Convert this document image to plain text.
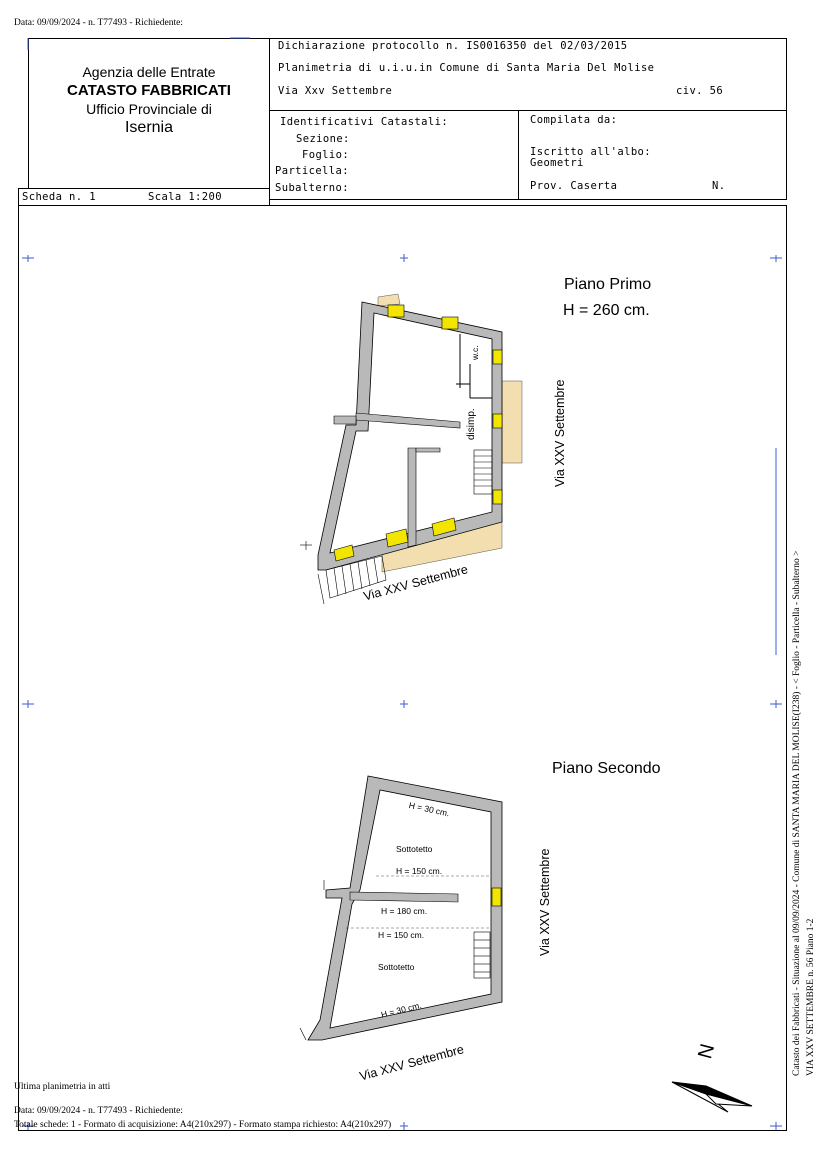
Data: 09/09/2024 - n. T77493 - Richiedente:
Agenzia delle Entrate
CATASTO FABBRICATI
Ufficio Provinciale di
Isernia
Dichiarazione protocollo n. IS0016350 del 02/03/2015
Planimetria di u.i.u.in Comune di Santa Maria Del Molise
Via Xxv Settembre	civ. 56
Identificativi Catastali:
Sezione:
Foglio:
Particella:
Subalterno:
Compilata da:
Iscritto all'albo:
Geometri
Prov. Caserta	N.
Scheda n. 1	Scala 1:200
Piano Primo
H = 260 cm.
Via XXV Settembre
Via XXV Settembre
w.c.
disimp.
Piano Secondo
H = 30 cm.
Sottotetto
H = 150 cm.
H = 180 cm.
H = 150 cm.
Sottotetto
H = 30 cm.
Via XXV Settembre
Via XXV Settembre	N	Catasto dei Fabbricati - Situazione al 09/09/2024 - Comune di SANTA MARIA DEL MOLISE(I238) - < Foglio - Particella - Subalterno > VIA XXV SETTEMBRE n. 56 Piano 1-2
Ultima planimetria in atti
Data: 09/09/2024 - n. T77493 - Richiedente:
Totale schede: 1 - Formato di acquisizione: A4(210x297) - Formato stampa richiesto: A4(210x297)
